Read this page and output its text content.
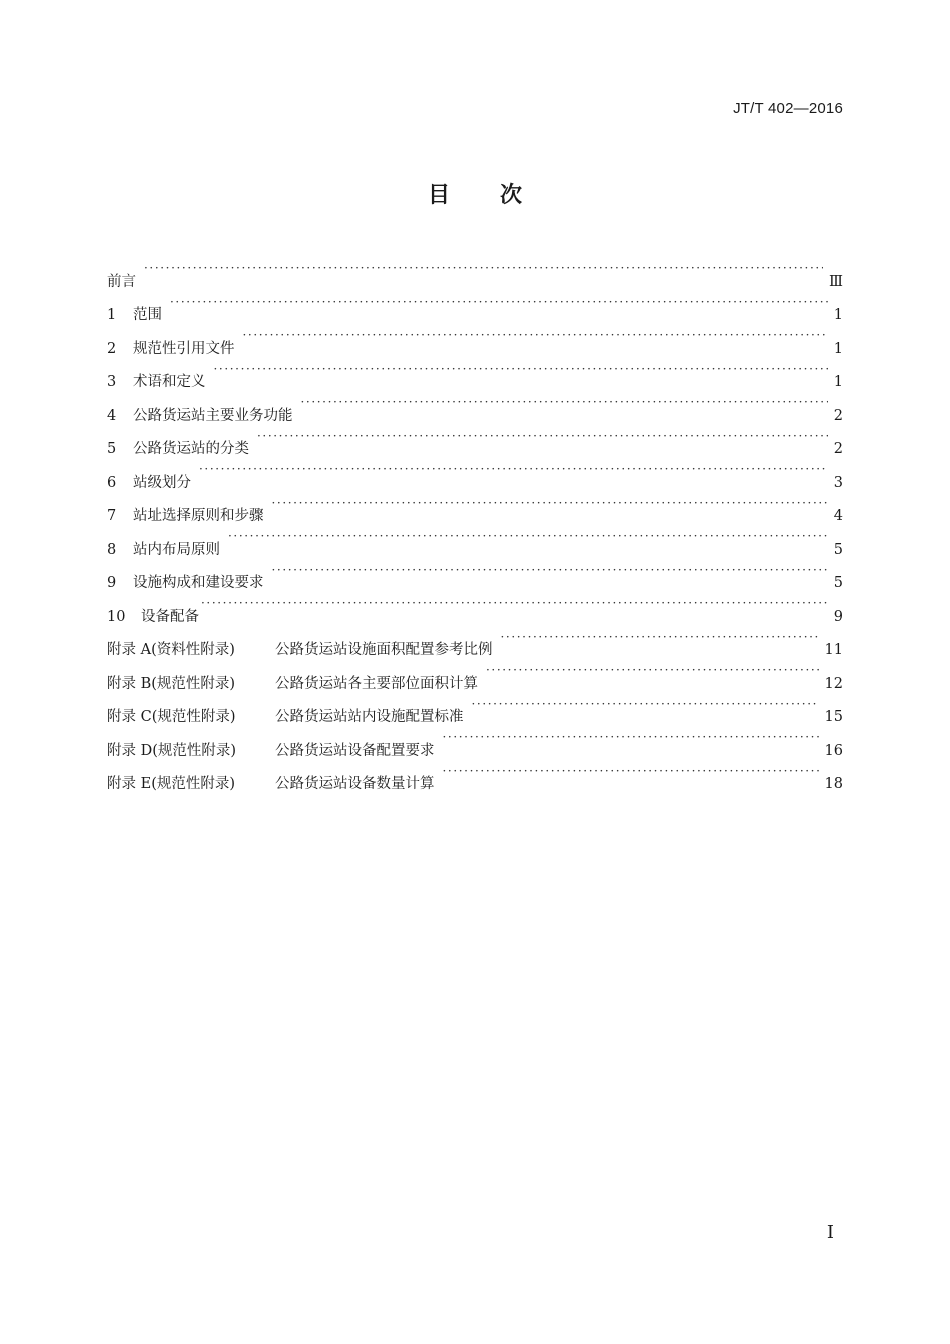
JT/T 402—2016
目次
前言 ·····	Ⅲ
1	范围 ·····	1
2	规范性引用文件 ·····	1
3	术语和定义 ·····	1
4	公路货运站主要业务功能 ·····	2
5	公路货运站的分类 ·····	2
6	站级划分 ·····	3
7	站址选择原则和步骤 ·····	4
8	站内布局原则 ·····	5
9	设施构成和建设要求 ·····	5
10	设备配备 ·····	9
附录 A(资料性附录)	公路货运站设施面积配置参考比例 ·····	11
附录 B(规范性附录)	公路货运站各主要部位面积计算 ·····	12
附录 C(规范性附录)	公路货运站站内设施配置标准 ·····	15
附录 D(规范性附录)	公路货运站设备配置要求 ·····	16
附录 E(规范性附录)	公路货运站设备数量计算 ·····	18
Ⅰ
